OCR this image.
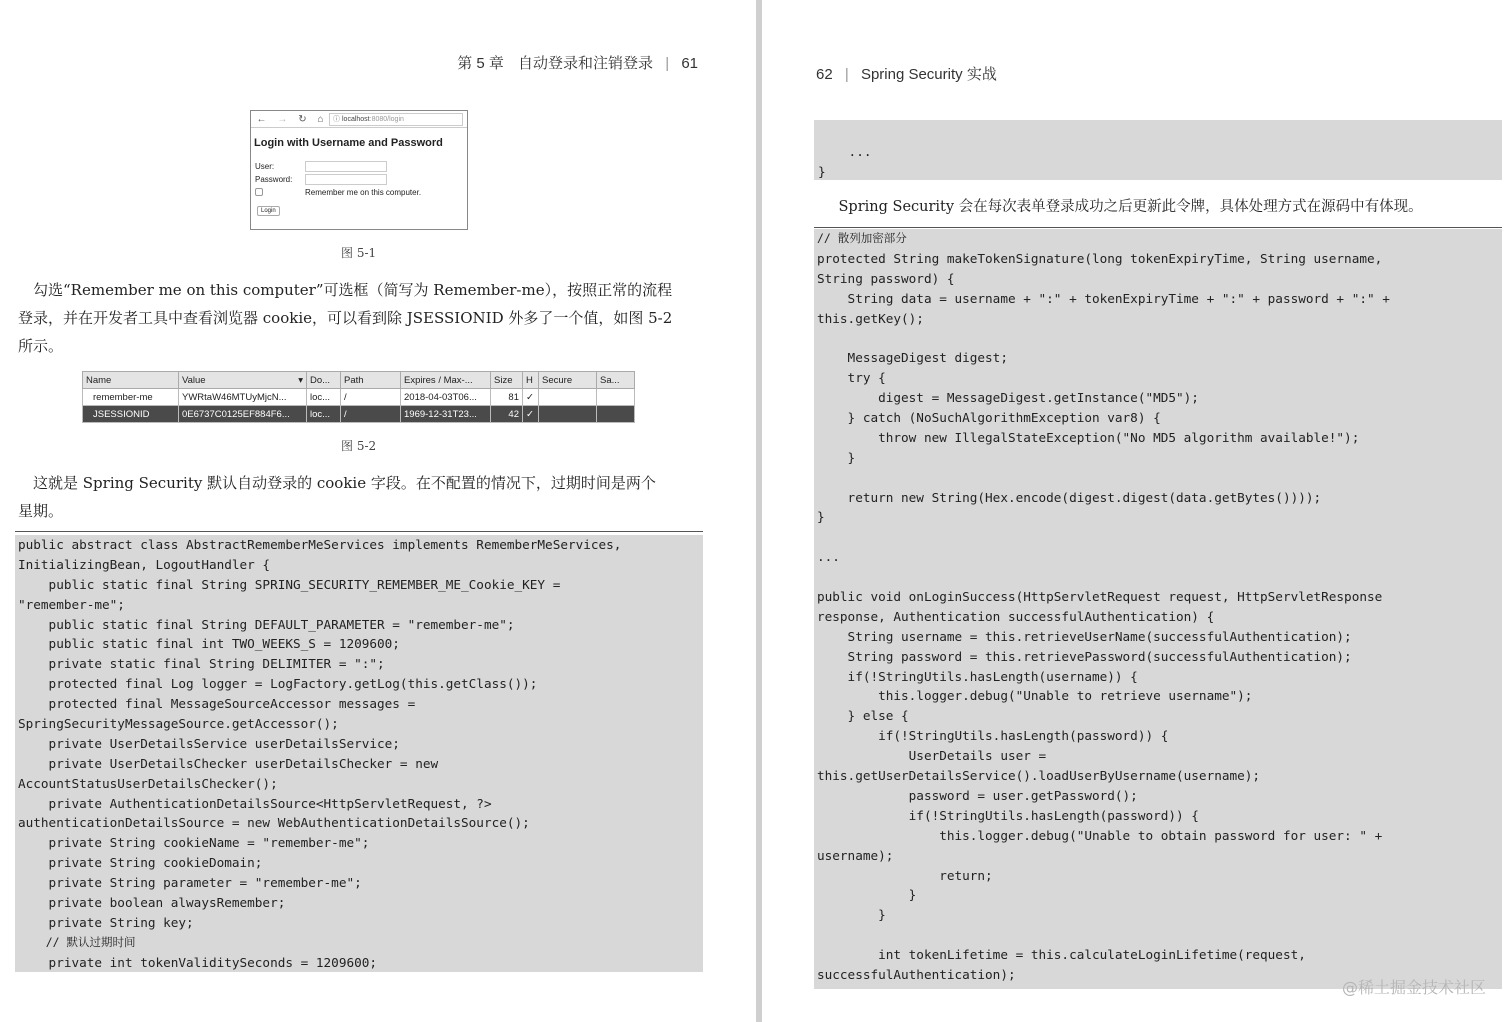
第 5 章 自动登录和注销登录 | 61
← → ↻ ⌂ ⓘ localhost :8080/login
Login with Username and Password
User:
Password:
Remember me on this computer.
Login
图 5-1

　勾选“Remember me on this computer”可选框（简写为 Remember-me），按照正常的流程

登录，并在开发者工具中查看浏览器 cookie，可以看到除 JSESSIONID 外多了一个值，如图 5-2

所示。

Name	Value ▾	Do...	Path	Expires / Max-...	Size	H	Secure	Sa...
remember-me	YWRtaW46MTUyMjcN...	loc...	/	2018-04-03T06...	81	✓		
JSESSIONID	0E6737C0125EF884F6...	loc...	/	1969-12-31T23...	42	✓		
图 5-2

　这就是 Spring Security 默认自动登录的 cookie 字段。在不配置的情况下，过期时间是两个

星期。

public abstract class AbstractRememberMeServices implements RememberMeServices,
InitializingBean, LogoutHandler {
public static final String SPRING_SECURITY_REMEMBER_ME_Cookie_KEY =
"remember-me";
public static final String DEFAULT_PARAMETER = "remember-me";
public static final int TWO_WEEKS_S = 1209600;
private static final String DELIMITER = ":";
protected final Log logger = LogFactory.getLog(this.getClass());
protected final MessageSourceAccessor messages =
SpringSecurityMessageSource.getAccessor();
private UserDetailsService userDetailsService;
private UserDetailsChecker userDetailsChecker = new
AccountStatusUserDetailsChecker();
private AuthenticationDetailsSource<HttpServletRequest, ?>
authenticationDetailsSource = new WebAuthenticationDetailsSource();
private String cookieName = "remember-me";
private String cookieDomain;
private String parameter = "remember-me";
private boolean alwaysRemember;
private String key;
// 默认过期时间
private int tokenValiditySeconds = 1209600;
62 | Spring Security 实战
...
}

　Spring Security 会在每次表单登录成功之后更新此令牌，具体处理方式在源码中有体现。

// 散列加密部分
protected String makeTokenSignature(long tokenExpiryTime, String username,
String password) {
String data = username + ":" + tokenExpiryTime + ":" + password + ":" +
this.getKey();
MessageDigest digest;
try {
digest = MessageDigest.getInstance("MD5");
} catch (NoSuchAlgorithmException var8) {
throw new IllegalStateException("No MD5 algorithm available!");
}
return new String(Hex.encode(digest.digest(data.getBytes())));
}
...
public void onLoginSuccess(HttpServletRequest request, HttpServletResponse
response, Authentication successfulAuthentication) {
String username = this.retrieveUserName(successfulAuthentication);
String password = this.retrievePassword(successfulAuthentication);
if(!StringUtils.hasLength(username)) {
this.logger.debug("Unable to retrieve username");
} else {
if(!StringUtils.hasLength(password)) {
UserDetails user =
this.getUserDetailsService().loadUserByUsername(username);
password = user.getPassword();
if(!StringUtils.hasLength(password)) {
this.logger.debug("Unable to obtain password for user: " +
username);
return;
}
}
int tokenLifetime = this.calculateLoginLifetime(request,
successfulAuthentication);
@稀土掘金技术社区
